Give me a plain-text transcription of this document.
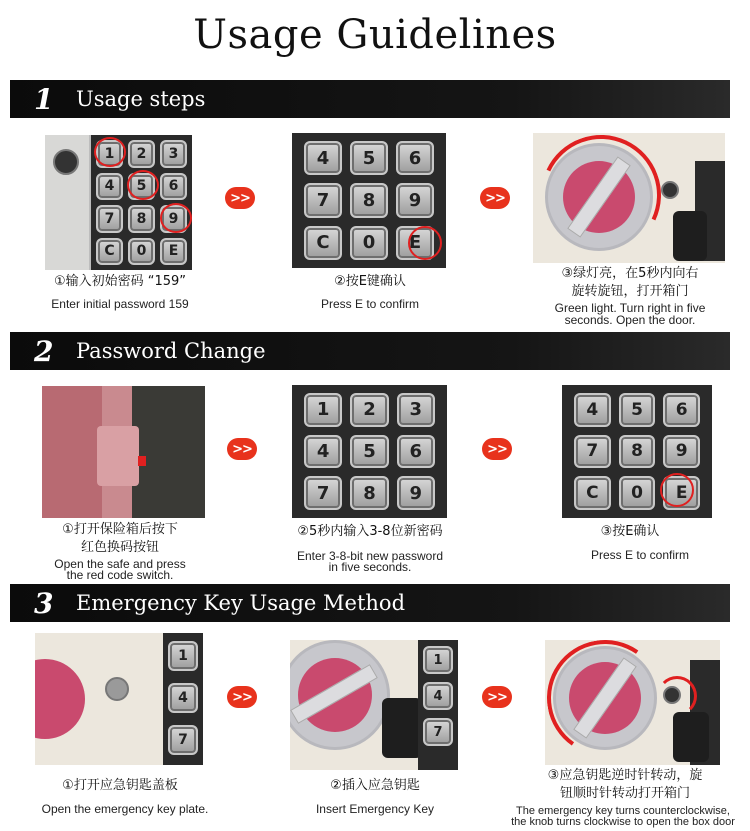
Usage Guidelines
1	Usage steps
1	2	3
4	5	6
7	8	9
C	0	E
>>
4	5	6
7	8	9
C	0	E
>>
①输入初始密码 “159”
Enter initial password 159
②按E键确认
Press E to confirm
③绿灯亮，在5秒内向右
旋转旋钮，打开箱门
Green light. Turn right in five
seconds. Open the door.
2	Password Change
>>
1	2	3
4	5	6
7	8	9
>>
4	5	6
7	8	9
C	0	E
①打开保险箱后按下
红色换码按钮
Open the safe and press
the red code switch.
②5秒内输入3-8位新密码
Enter 3-8-bit new password
in five seconds.
③按E确认
Press E to confirm
3	Emergency Key Usage Method
1
4
7
>>
1
4
7
>>
①打开应急钥匙盖板
Open the emergency key plate.
②插入应急钥匙
Insert Emergency Key
③应急钥匙逆时针转动，旋
钮顺时针转动打开箱门
The emergency key turns counterclockwise,
the knob turns clockwise to open the box door
